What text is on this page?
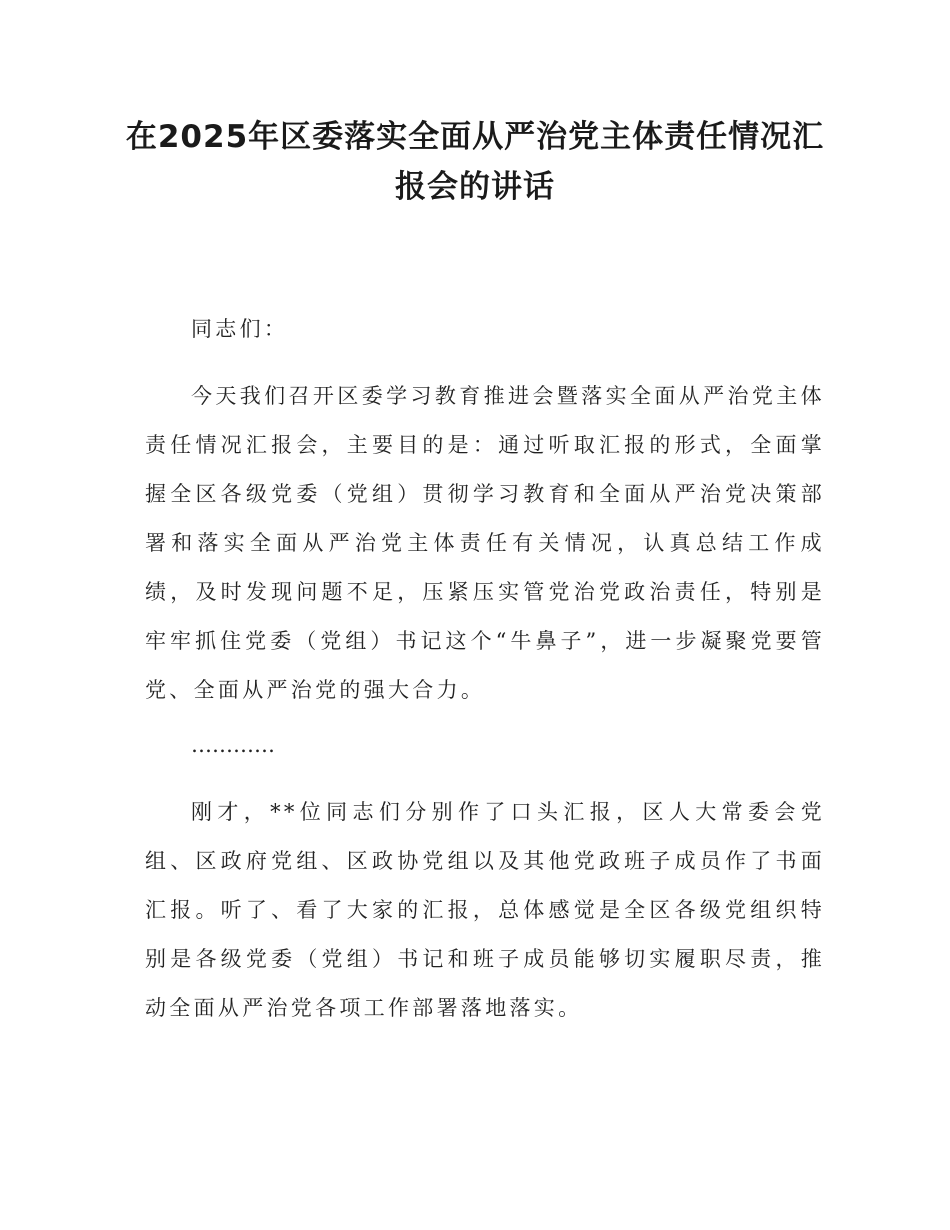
在2025年区委落实全面从严治党主体责任情况汇报会的讲话

同志们：

今天我们召开区委学习教育推进会暨落实全面从严治党主体责任情况汇报会，主要目的是：通过听取汇报的形式，全面掌握全区各级党委（党组）贯彻学习教育和全面从严治党决策部署和落实全面从严治党主体责任有关情况，认真总结工作成绩，及时发现问题不足，压紧压实管党治党政治责任，特别是牢牢抓住党委（党组）书记这个“牛鼻子”，进一步凝聚党要管党、全面从严治党的强大合力。

…………

刚才，**位同志们分别作了口头汇报，区人大常委会党组、区政府党组、区政协党组以及其他党政班子成员作了书面汇报。听了、看了大家的汇报，总体感觉是全区各级党组织特别是各级党委（党组）书记和班子成员能够切实履职尽责，推动全面从严治党各项工作部署落地落实。
